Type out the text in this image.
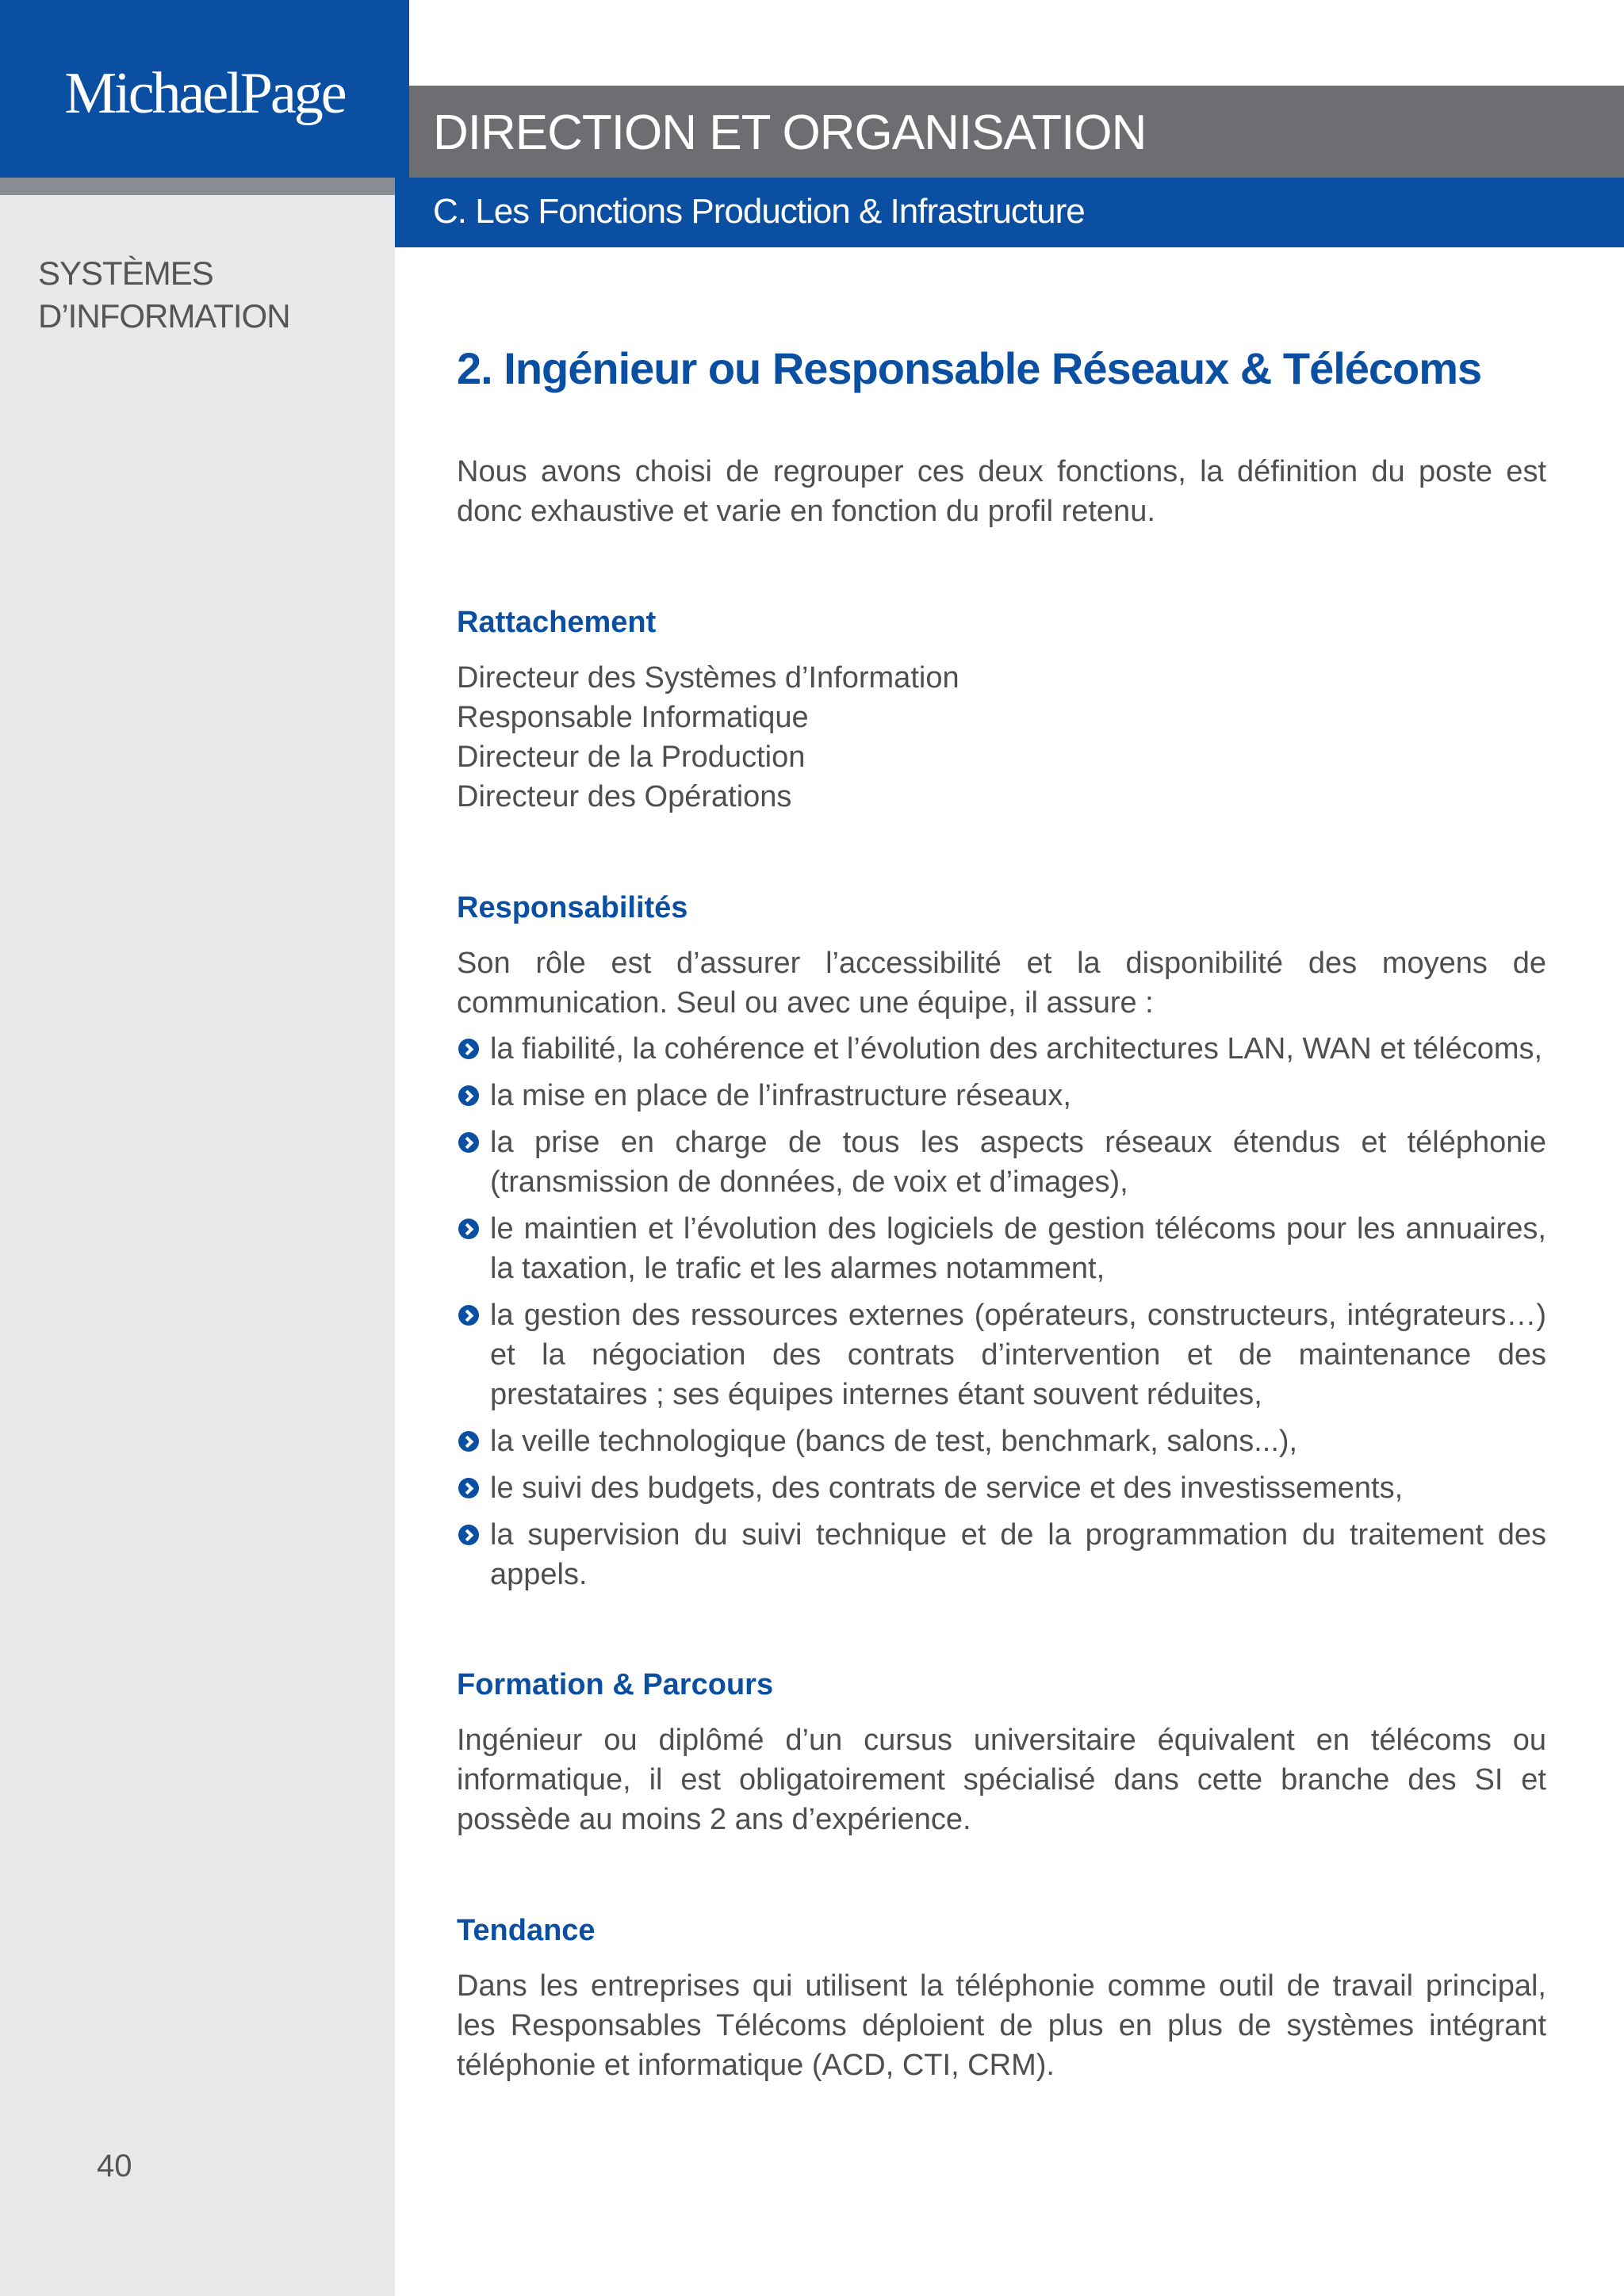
SYSTÈMES
D’INFORMATION
40
MichaelPage
DIRECTION ET ORGANISATION
C. Les Fonctions Production & Infrastructure
2. Ingénieur ou Responsable Réseaux & Télécoms

Nous avons choisi de regrouper ces deux fonctions, la définition du poste est donc exhaustive et varie en fonction du profil retenu.

Rattachement
Directeur des Systèmes d’Information
Responsable Informatique
Directeur de la Production
Directeur des Opérations
Responsabilités

Son rôle est d’assurer l’accessibilité et la disponibilité des moyens de communication. Seul ou avec une équipe, il assure :

la fiabilité, la cohérence et l’évolution des architectures LAN, WAN et télécoms,
la mise en place de l’infrastructure réseaux,
la prise en charge de tous les aspects réseaux étendus et téléphonie (transmission de données, de voix et d’images),
le maintien et l’évolution des logiciels de gestion télécoms pour les annuaires, la taxation, le trafic et les alarmes notamment,
la gestion des ressources externes (opérateurs, constructeurs, intégrateurs…) et la négociation des contrats d’intervention et de maintenance des prestataires ; ses équipes internes étant souvent réduites,
la veille technologique (bancs de test, benchmark, salons...),
le suivi des budgets, des contrats de service et des investissements,
la supervision du suivi technique et de la programmation du traitement des appels.
Formation & Parcours

Ingénieur ou diplômé d’un cursus universitaire équivalent en télécoms ou informatique, il est obligatoirement spécialisé dans cette branche des SI et possède au moins 2 ans d’expérience.

Tendance

Dans les entreprises qui utilisent la téléphonie comme outil de travail principal, les Responsables Télécoms déploient de plus en plus de systèmes intégrant téléphonie et informatique (ACD, CTI, CRM).
